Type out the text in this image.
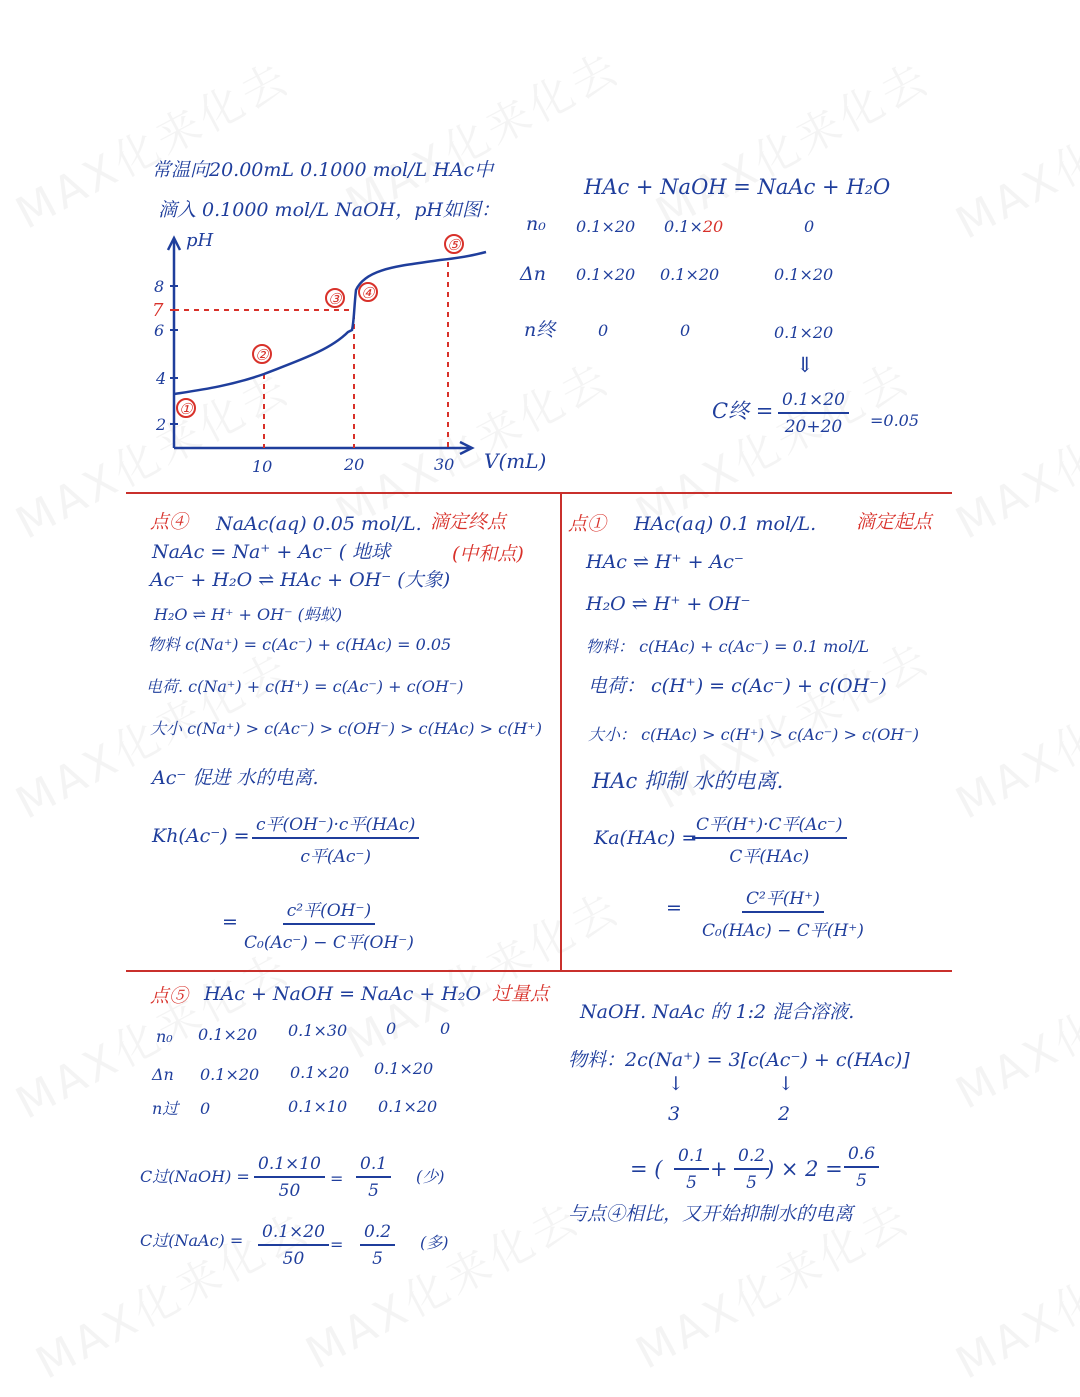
常温向20.00mL 0.1000 mol/L HAc中
滴入 0.1000 mol/L NaOH，pH如图：
pH
V(mL)
8
7
6
4
2
10	20	30
①
②
③ ④
⑤
HAc + NaOH = NaAc + H₂O
n₀ 0.1×20 0.1×20	0
Δn 0.1×20 0.1×20	0.1×20
n终	0	0	0.1×20
⇓
C终 = $\frac{0.1\times 20}{20+20} =0.05$
点④ NaAc(aq) 0.05 mol/L. 滴定终点
(中和点)
NaAc = Na⁺ + Ac⁻ ( 地球
Ac⁻ + H₂O ⇌ HAc + OH⁻ (大象)
H₂O ⇌ H⁺ + OH⁻ (蚂蚁)
物料 c(Na⁺) = c(Ac⁻) + c(HAc) = 0.05
电荷. c(Na⁺) + c(H⁺) = c(Ac⁻) + c(OH⁻)
大小 c(Na⁺) > c(Ac⁻) > c(OH⁻) > c(HAc) > c(H⁺)
Ac⁻ 促进 水的电离.
Kh(Ac⁻) = c平(OH⁻)·c平(HAc)
c平(Ac⁻)
=	c²平(OH⁻)
C₀(Ac⁻) − C平(OH⁻)
点① HAc(aq) 0.1 mol/L. 滴定起点
HAc ⇌ H⁺ + Ac⁻
H₂O ⇌ H⁺ + OH⁻
物料： c(HAc) + c(Ac⁻) = 0.1 mol/L
电荷： c(H⁺) = c(Ac⁻) + c(OH⁻)
大小： c(HAc) > c(H⁺) > c(Ac⁻) > c(OH⁻)
HAc 抑制 水的电离.
Ka(HAc) =
C平(H⁺)·C平(Ac⁻)
C平(HAc)
=	C²平(H⁺)
C₀(HAc) − C平(H⁺)
点⑤ HAc + NaOH = NaAc + H₂O 过量点
n₀ 0.1×20 0.1×30 0	0
Δn 0.1×20 0.1×20 0.1×20
n过 0	0.1×10 0.1×20
C过(NaOH) = $\frac{0.1\times 10}{50} = \frac{0.1}{5}$ (少)
C过(NaAc) = $\frac{0.1\times 20}{50} = \frac{0.2}{5}$ (多)
NaOH. NaAc 的 1:2 混合溶液.
物料：2c(Na⁺) = 3[c(Ac⁻) + c(HAc)]
↓	↓
3	2
= ( $\frac{0.1}{5} + \frac{0.2}{5}$
) × $2 = \frac{0.6}{5}$
与点④相比，又开始抑制水的电离
